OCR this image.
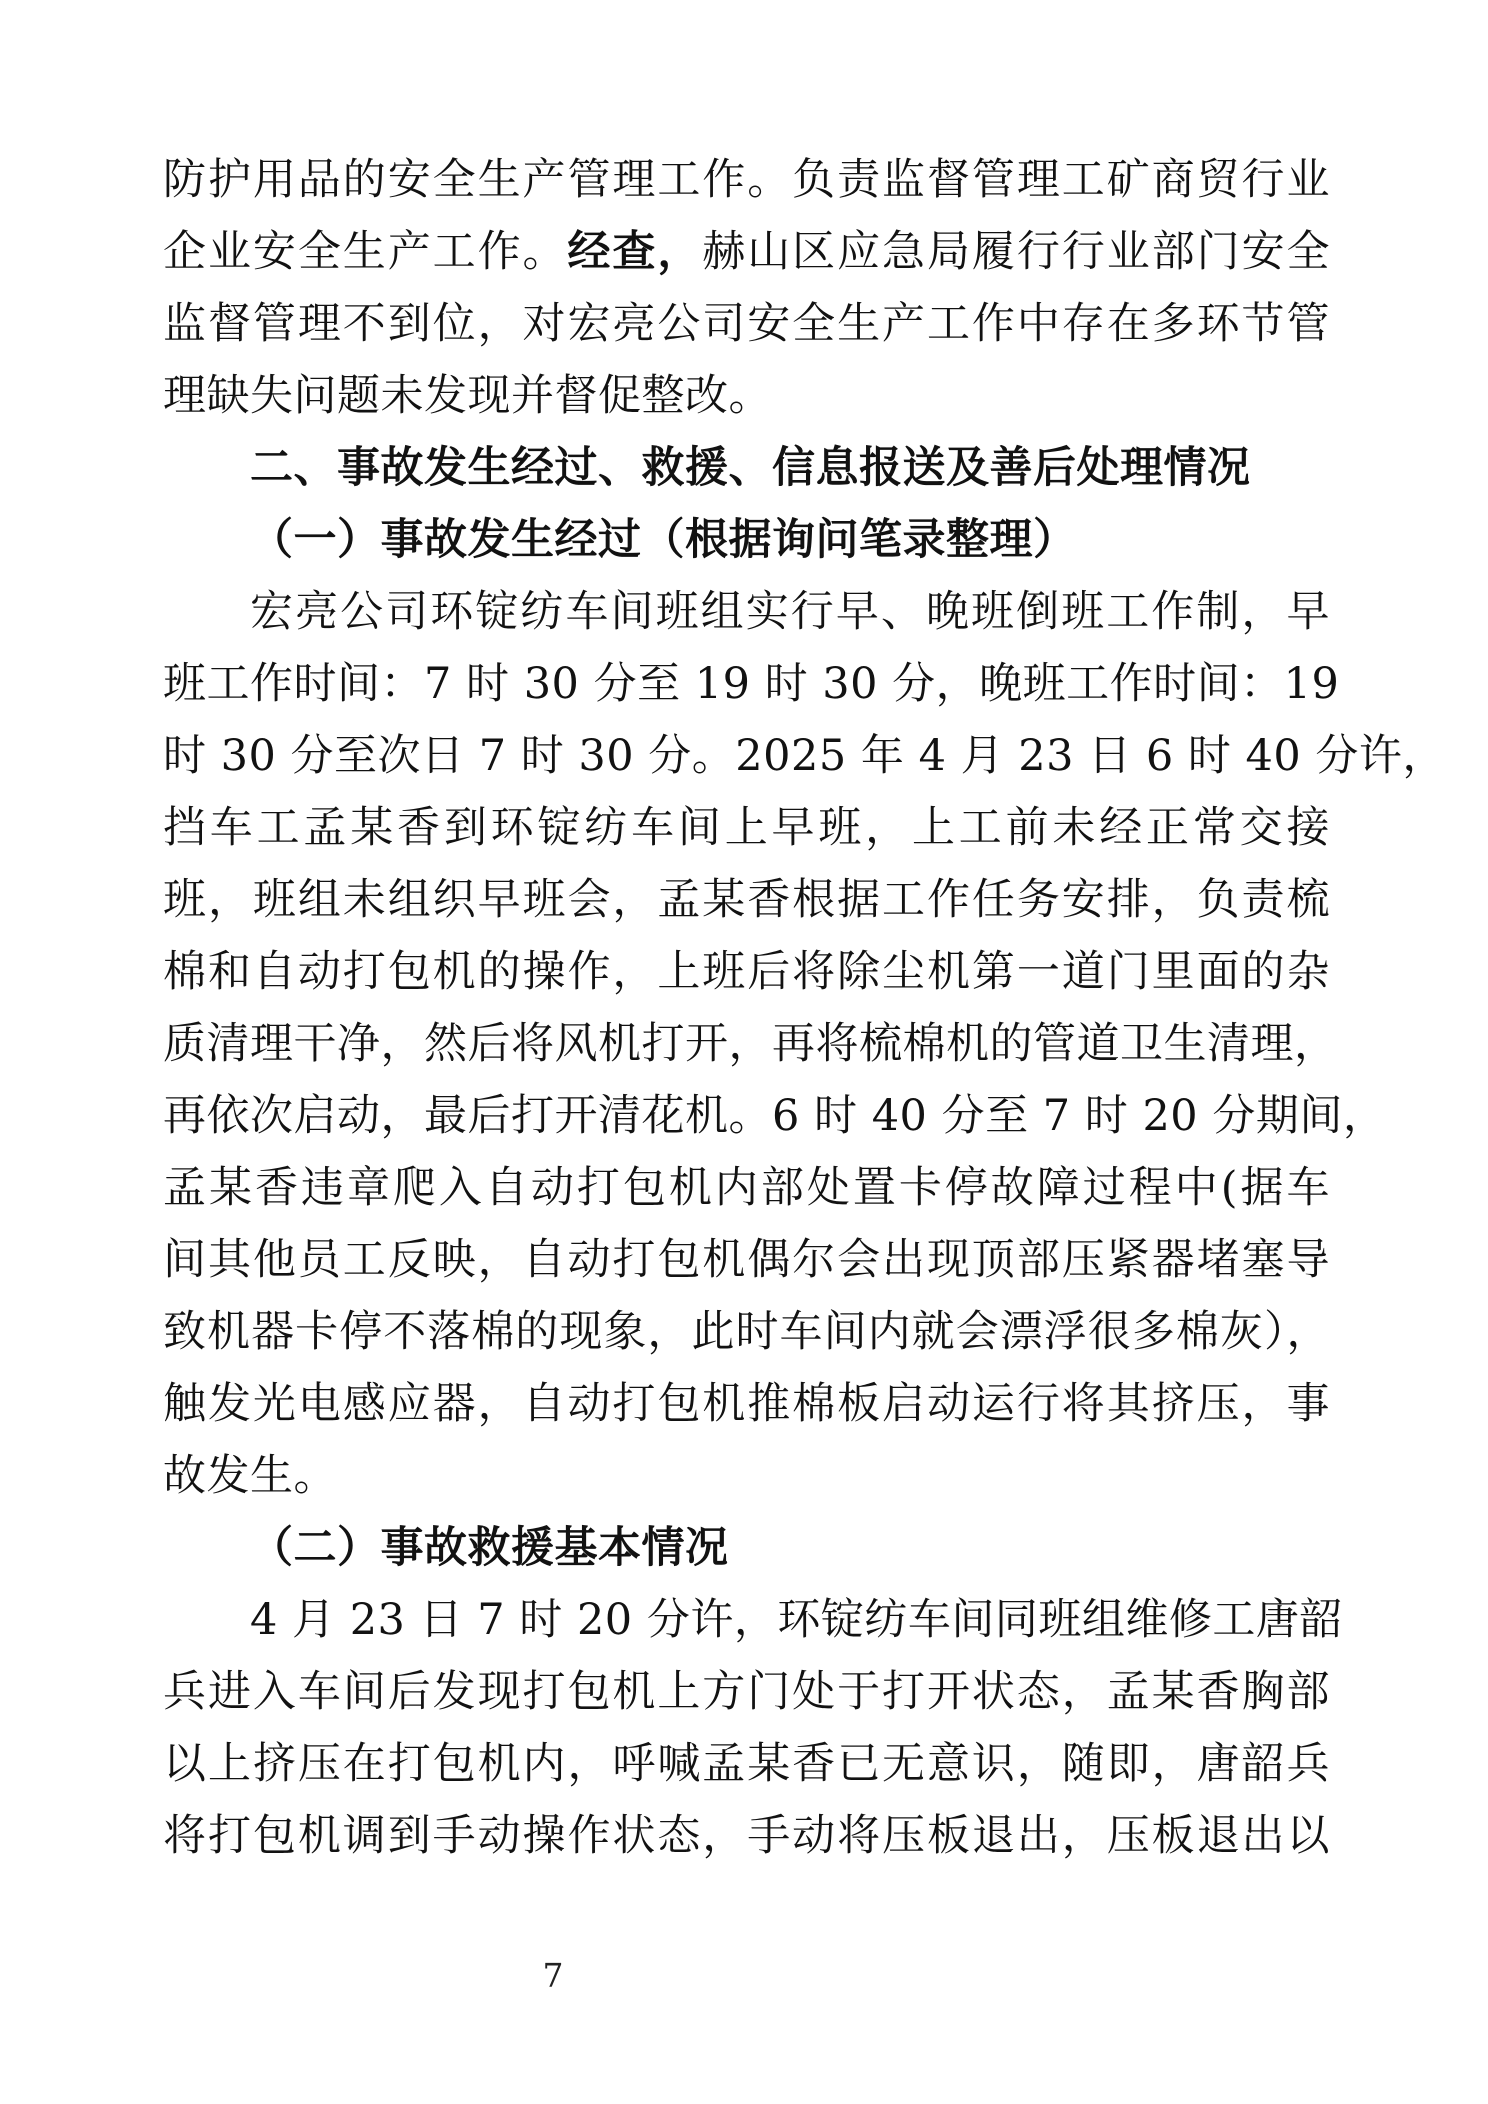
防护用品的安全生产管理工作。负责监督管理工矿商贸行业
企业安全生产工作。经查，赫山区应急局履行行业部门安全
监督管理不到位，对宏亮公司安全生产工作中存在多环节管
理缺失问题未发现并督促整改。
二、事故发生经过、救援、信息报送及善后处理情况
（一）事故发生经过（根据询问笔录整理）
宏亮公司环锭纺车间班组实行早、晚班倒班工作制，早
班工作时间：7 时 30 分至 19 时 30 分，晚班工作时间：19
时 30 分至次日 7 时 30 分。2025 年 4 月 23 日 6 时 40 分许，
挡车工孟某香到环锭纺车间上早班，上工前未经正常交接
班，班组未组织早班会，孟某香根据工作任务安排，负责梳
棉和自动打包机的操作，上班后将除尘机第一道门里面的杂
质清理干净，然后将风机打开，再将梳棉机的管道卫生清理，
再依次启动，最后打开清花机。6 时 40 分至 7 时 20 分期间，
孟某香违章爬入自动打包机内部处置卡停故障过程中(据车
间其他员工反映，自动打包机偶尔会出现顶部压紧器堵塞导
致机器卡停不落棉的现象，此时车间内就会漂浮很多棉灰），
触发光电感应器，自动打包机推棉板启动运行将其挤压，事
故发生。
（二）事故救援基本情况
4 月 23 日 7 时 20 分许，环锭纺车间同班组维修工唐韶
兵进入车间后发现打包机上方门处于打开状态，孟某香胸部
以上挤压在打包机内，呼喊孟某香已无意识，随即，唐韶兵
将打包机调到手动操作状态，手动将压板退出，压板退出以
7
